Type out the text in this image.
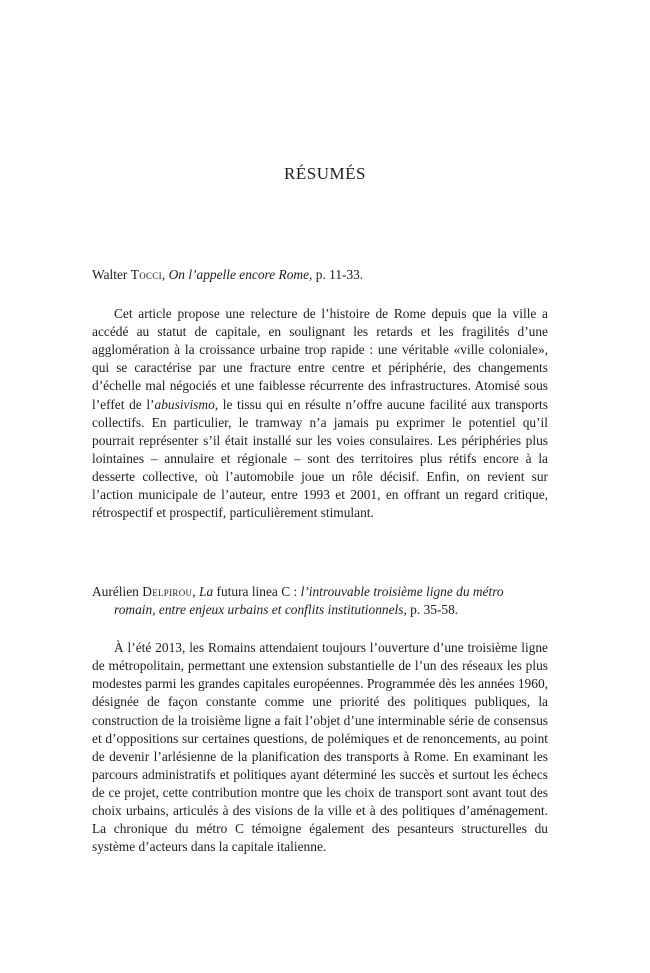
RÉSUMÉS

Walter Tocci, On l’appelle encore Rome, p. 11-33.

Cet article propose une relecture de l’histoire de Rome depuis que la ville a accédé au statut de capitale, en soulignant les retards et les fragilités d’une agglomération à la croissance urbaine trop rapide : une véritable «ville coloniale», qui se caractérise par une fracture entre centre et périphérie, des changements d’échelle mal négociés et une faiblesse récurrente des infrastructures. Atomisé sous l’effet de l’abusivismo, le tissu qui en résulte n’offre aucune facilité aux transports collectifs. En particulier, le tramway n’a jamais pu exprimer le potentiel qu’il pourrait représenter s’il était installé sur les voies consulaires. Les périphéries plus lointaines – annulaire et régionale – sont des territoires plus rétifs encore à la desserte collective, où l’automobile joue un rôle décisif. Enfin, on revient sur l’action municipale de l’auteur, entre 1993 et 2001, en offrant un regard critique, rétrospectif et prospectif, particulièrement stimulant.

Aurélien Delpirou, La futura linea C : l’introuvable troisième ligne du métro romain, entre enjeux urbains et conflits institutionnels, p. 35-58.

À l’été 2013, les Romains attendaient toujours l’ouverture d’une troisième ligne de métropolitain, permettant une extension substantielle de l’un des réseaux les plus modestes parmi les grandes capitales européennes. Programmée dès les années 1960, désignée de façon constante comme une priorité des politiques publiques, la construction de la troisième ligne a fait l’objet d’une interminable série de consensus et d’oppositions sur certaines questions, de polémiques et de renoncements, au point de devenir l’arlésienne de la planification des transports à Rome. En examinant les parcours administratifs et politiques ayant déterminé les succès et surtout les échecs de ce projet, cette contribution montre que les choix de transport sont avant tout des choix urbains, articulés à des visions de la ville et à des politiques d’aménagement. La chronique du métro C témoigne également des pesanteurs structurelles du système d’acteurs dans la capitale italienne.
